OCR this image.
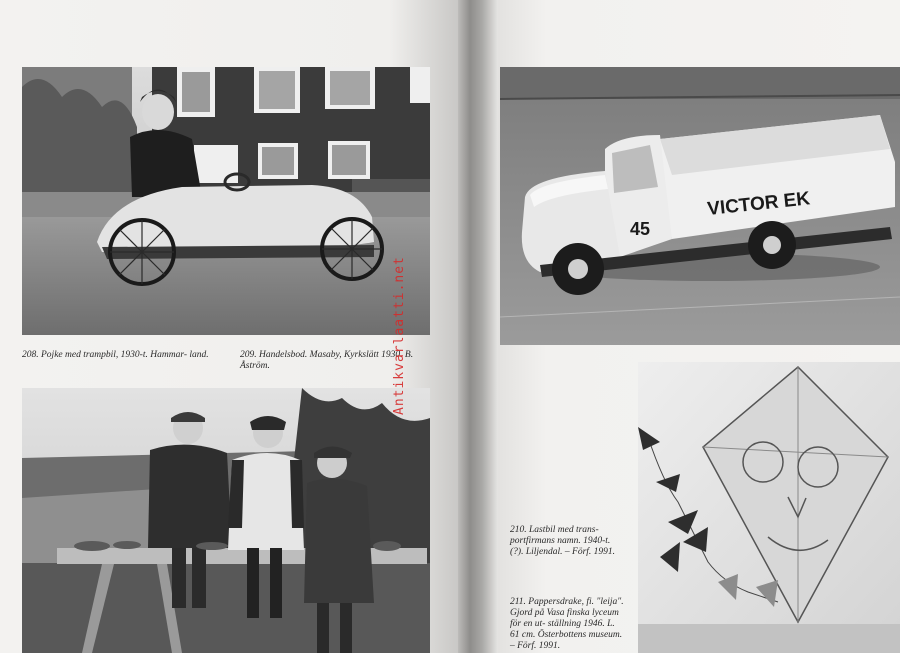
208. Pojke med trampbil, 1930-t. Hammar- land.	209. Handelsbod. Masaby, Kyrkslätt 1930. B. Åström.
45
VICTOR EK
210. Lastbil med trans- portfirmans namn. 1940-t. (?). Liljendal. – Förf. 1991.
211. Pappersdrake, fi. "leija". Gjord på Vasa finska lyceum för en ut- ställning 1946. L. 61 cm. Österbottens museum. – Förf. 1991.
Antikvarlaatti.net
